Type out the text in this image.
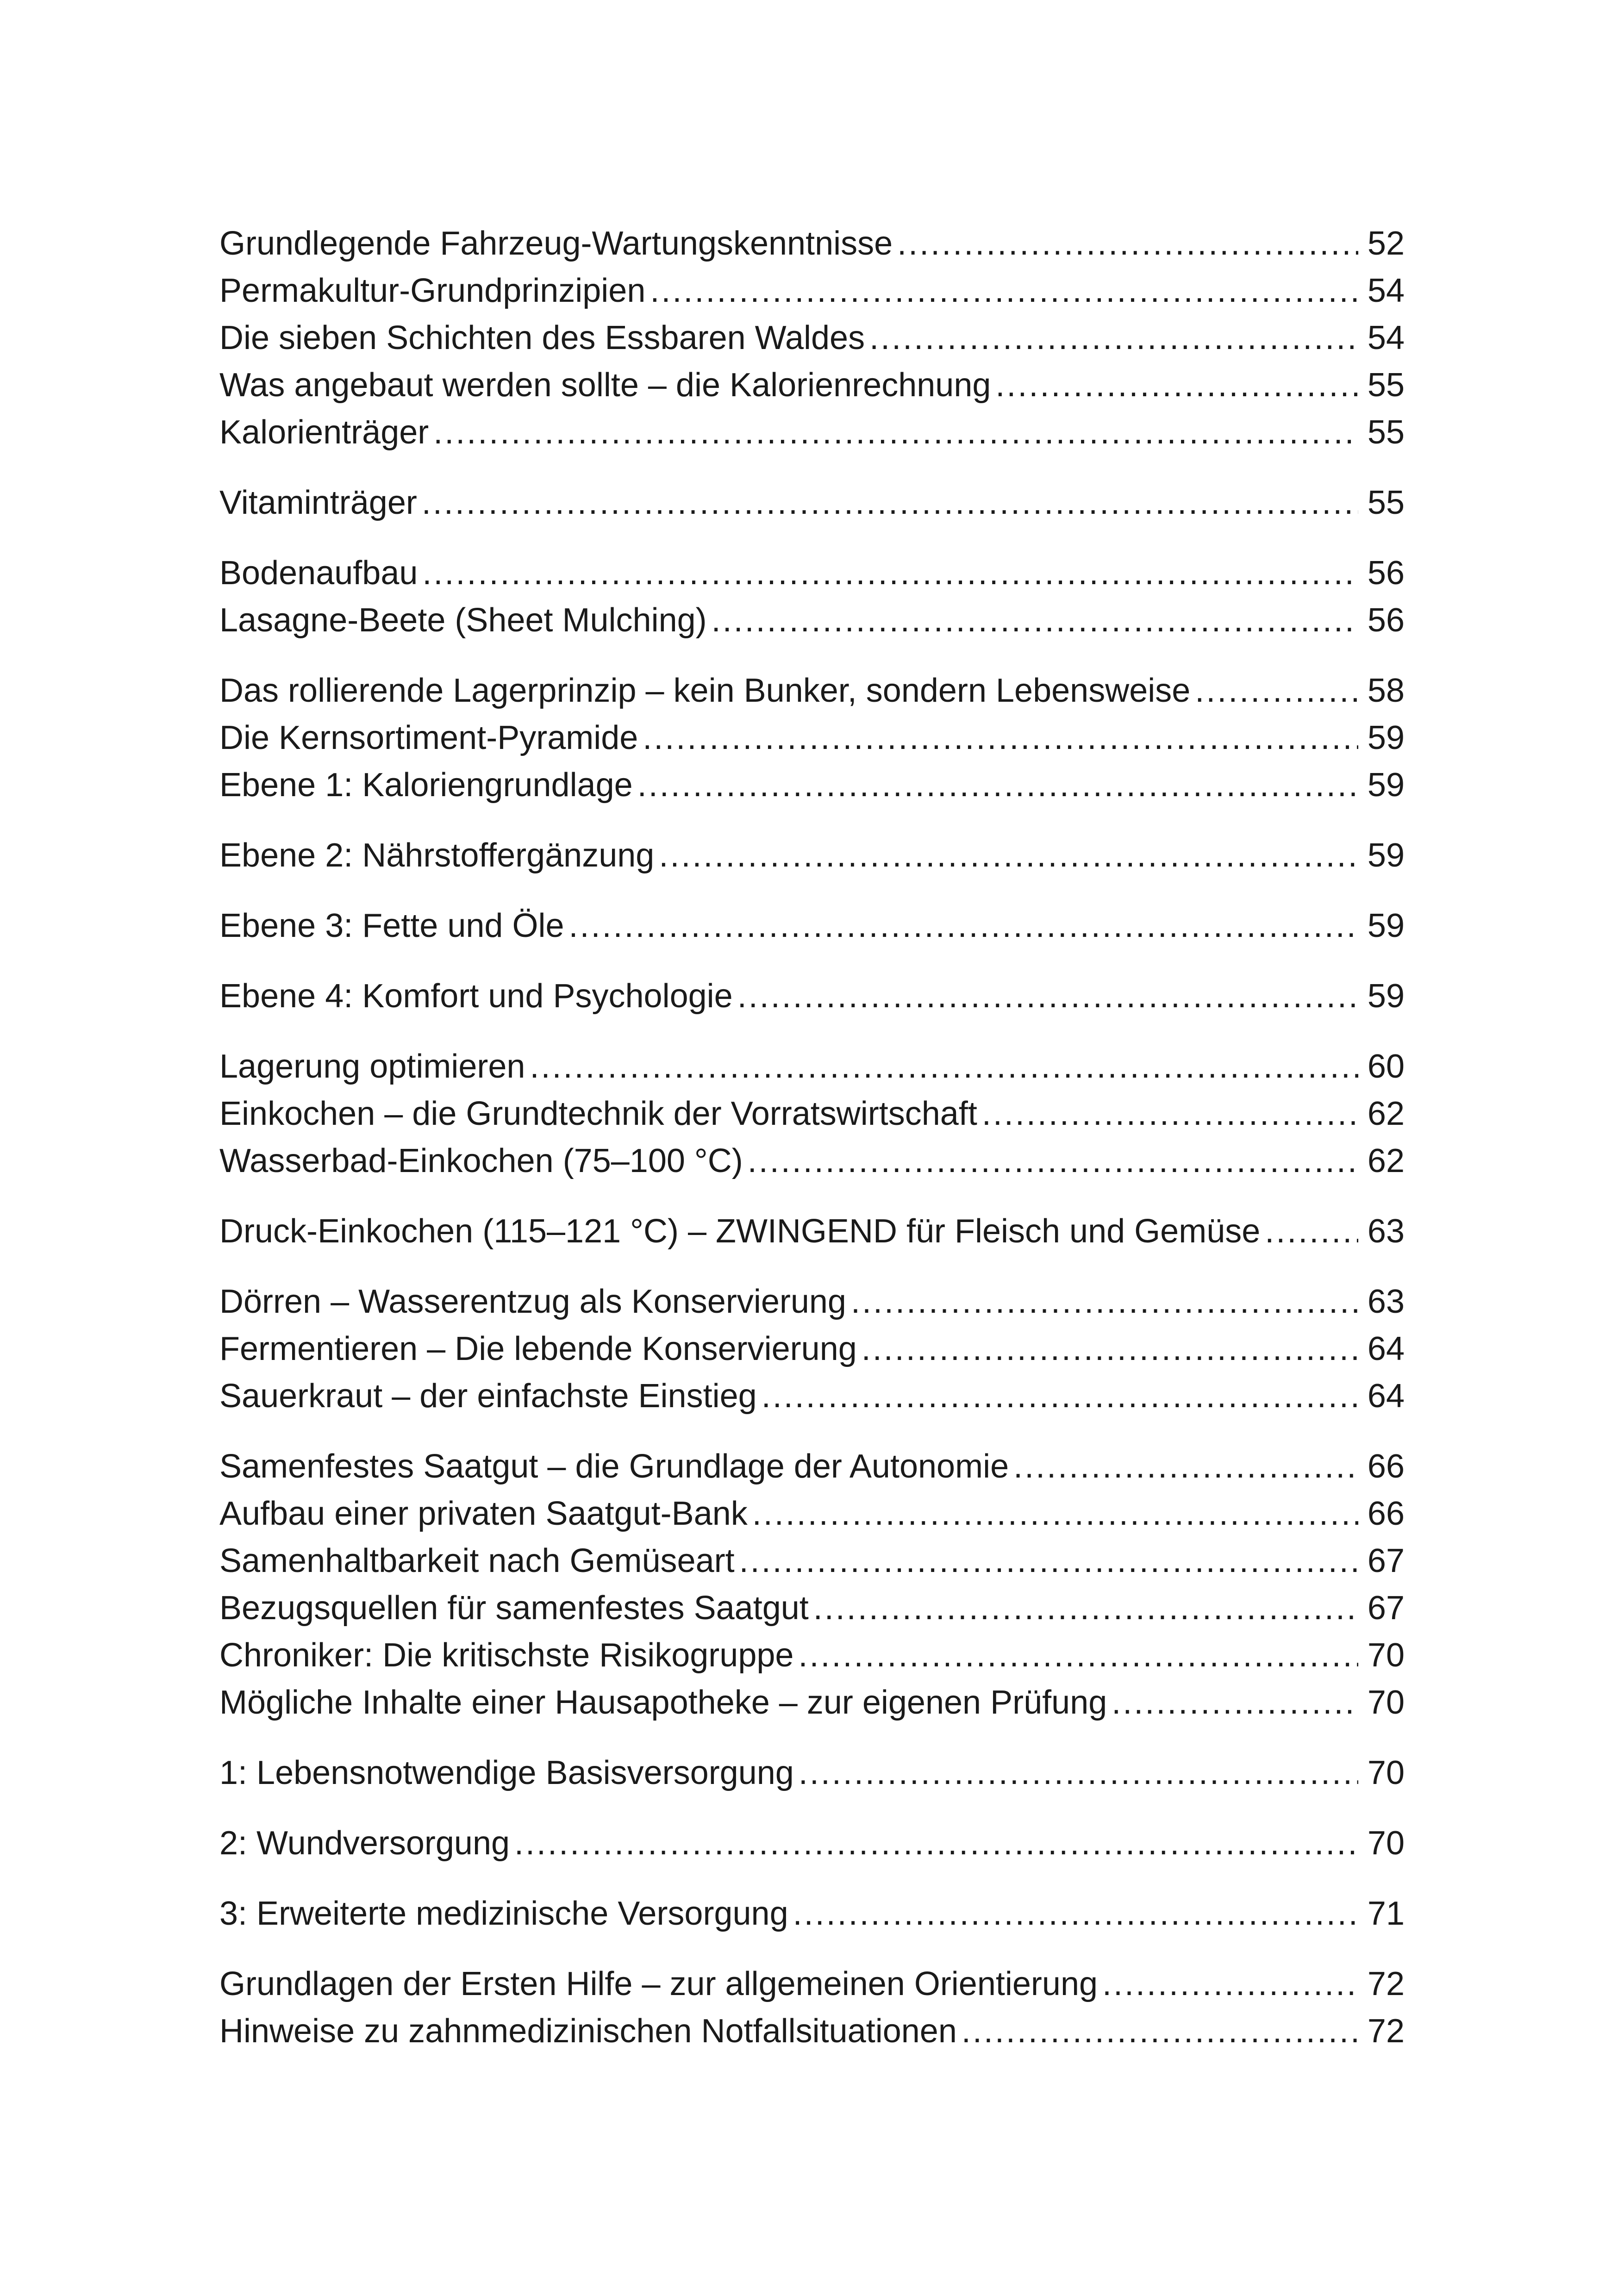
Grundlegende Fahrzeug-Wartungskenntnisse .....	52
Permakultur-Grundprinzipien .....	54
Die sieben Schichten des Essbaren Waldes .....	54
Was angebaut werden sollte – die Kalorienrechnung .....	55
Kalorienträger .....	55
Vitaminträger .....	55
Bodenaufbau .....	56
Lasagne-Beete (Sheet Mulching) .....	56
Das rollierende Lagerprinzip – kein Bunker, sondern Lebensweise .....	58
Die Kernsortiment-Pyramide .....	59
Ebene 1: Kaloriengrundlage .....	59
Ebene 2: Nährstoffergänzung .....	59
Ebene 3: Fette und Öle .....	59
Ebene 4: Komfort und Psychologie .....	59
Lagerung optimieren .....	60
Einkochen – die Grundtechnik der Vorratswirtschaft .....	62
Wasserbad-Einkochen (75–100 °C) .....	62
Druck-Einkochen (115–121 °C) – ZWINGEND für Fleisch und Gemüse .....	63
Dörren – Wasserentzug als Konservierung .....	63
Fermentieren – Die lebende Konservierung .....	64
Sauerkraut – der einfachste Einstieg .....	64
Samenfestes Saatgut – die Grundlage der Autonomie .....	66
Aufbau einer privaten Saatgut-Bank .....	66
Samenhaltbarkeit nach Gemüseart .....	67
Bezugsquellen für samenfestes Saatgut .....	67
Chroniker: Die kritischste Risikogruppe .....	70
Mögliche Inhalte einer Hausapotheke – zur eigenen Prüfung .....	70
1: Lebensnotwendige Basisversorgung .....	70
2: Wundversorgung .....	70
3: Erweiterte medizinische Versorgung .....	71
Grundlagen der Ersten Hilfe – zur allgemeinen Orientierung .....	72
Hinweise zu zahnmedizinischen Notfallsituationen .....	72
